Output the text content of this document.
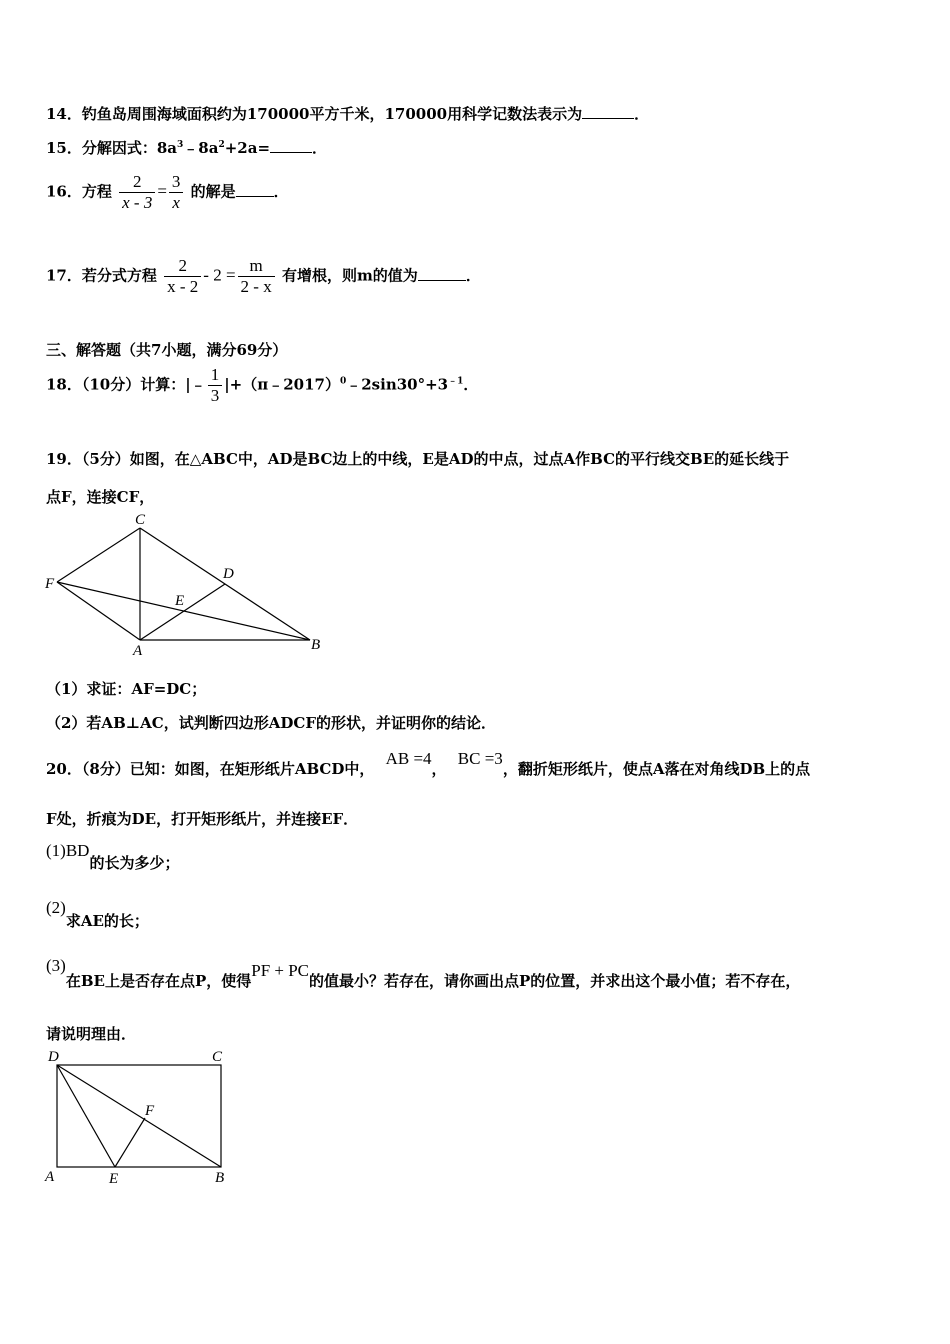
14．钓鱼岛周围海域面积约为170000平方千米，170000用科学记数法表示为	．
15．分解因式：$8a^3﹣8a^2+2a=$	．
16．方程 $\frac{2}{x - 3} = \frac{3}{x}$ 的解是	．
17．若分式方程 $\frac{2}{x - 2} - 2 = \frac{m}{2 - x}$ 有增根，则m的值为	．
三、解答题（共7小题，满分69分）
18．（10分）计算：|﹣ $\frac{1}{3}$ $|+(\pi﹣2017)^0﹣2\sin 30^\circ+3^{﹣1}$．
19．（5分）如图，在△ABC中，AD是BC边上的中线，E是AD的中点，过点A作BC的平行线交BE的延长线于
点F，连接CF，
C
F
D
E
A	B
（1）求证：AF=DC；
（2）若AB⊥AC，试判断四边形ADCF的形状，并证明你的结论．
20．（8分）已知：如图，在矩形纸片ABCD中， AB =4， BC =3，翻折矩形纸片，使点A落在对角线DB上的点
F处，折痕为DE，打开矩形纸片，并连接EF．
(1)BD的长为多少；
(2)求AE的长；
(3)在BE上是否存在点P，使得PF + PC的值最小？若存在，请你画出点P的位置，并求出这个最小值；若不存在，
请说明理由．
D	C
F
A	E	B
